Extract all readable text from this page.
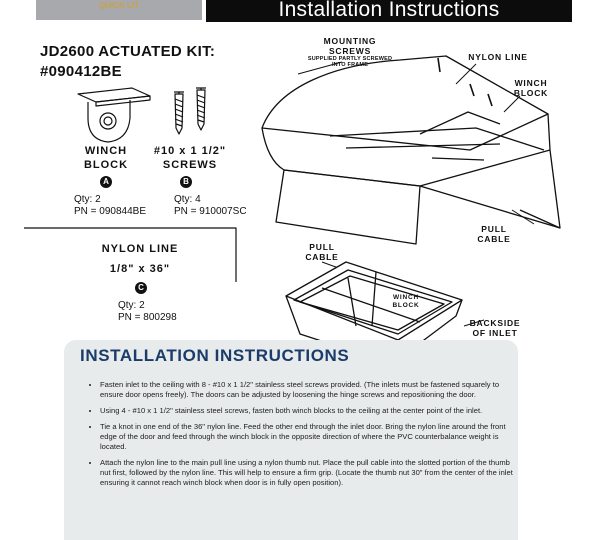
QUICK LIT	Installation Instructions
JD2600 ACTUATED KIT:
#090412BE
WINCH
BLOCK
A
Qty: 2
PN = 090844BE
#10 x 1 1/2"
SCREWS
B
Qty: 4
PN = 910007SC
NYLON LINE
1/8" x 36"
C
Qty: 2
PN = 800298
MOUNTING SCREWS
SUPPLIED PARTLY SCREWED INTO FRAME
NYLON LINE
WINCH BLOCK
PULL CABLE
PULL CABLE
WINCH BLOCK
BACKSIDE OF INLET
INSTALLATION INSTRUCTIONS
• Fasten inlet to the ceiling with 8 - #10 x 1 1/2" stainless steel screws provided. (The inlets must be fastened squarely to ensure door opens freely). The doors can be adjusted by loosening the hinge screws and repositioning the door.
• Using 4 - #10 x 1 1/2" stainless steel screws, fasten both winch blocks to the ceiling at the center point of the inlet.
• Tie a knot in one end of the 36" nylon line. Feed the other end through the inlet door. Bring the nylon line around the front edge of the door and feed through the winch block in the opposite direction of where the PVC counterbalance weight is located.
• Attach the nylon line to the main pull line using a nylon thumb nut. Place the pull cable into the slotted portion of the thumb nut first, followed by the nylon line. This will help to ensure a firm grip. (Locate the thumb nut 30" from the center of the inlet ensuring it cannot reach winch block when door is in fully open position).
